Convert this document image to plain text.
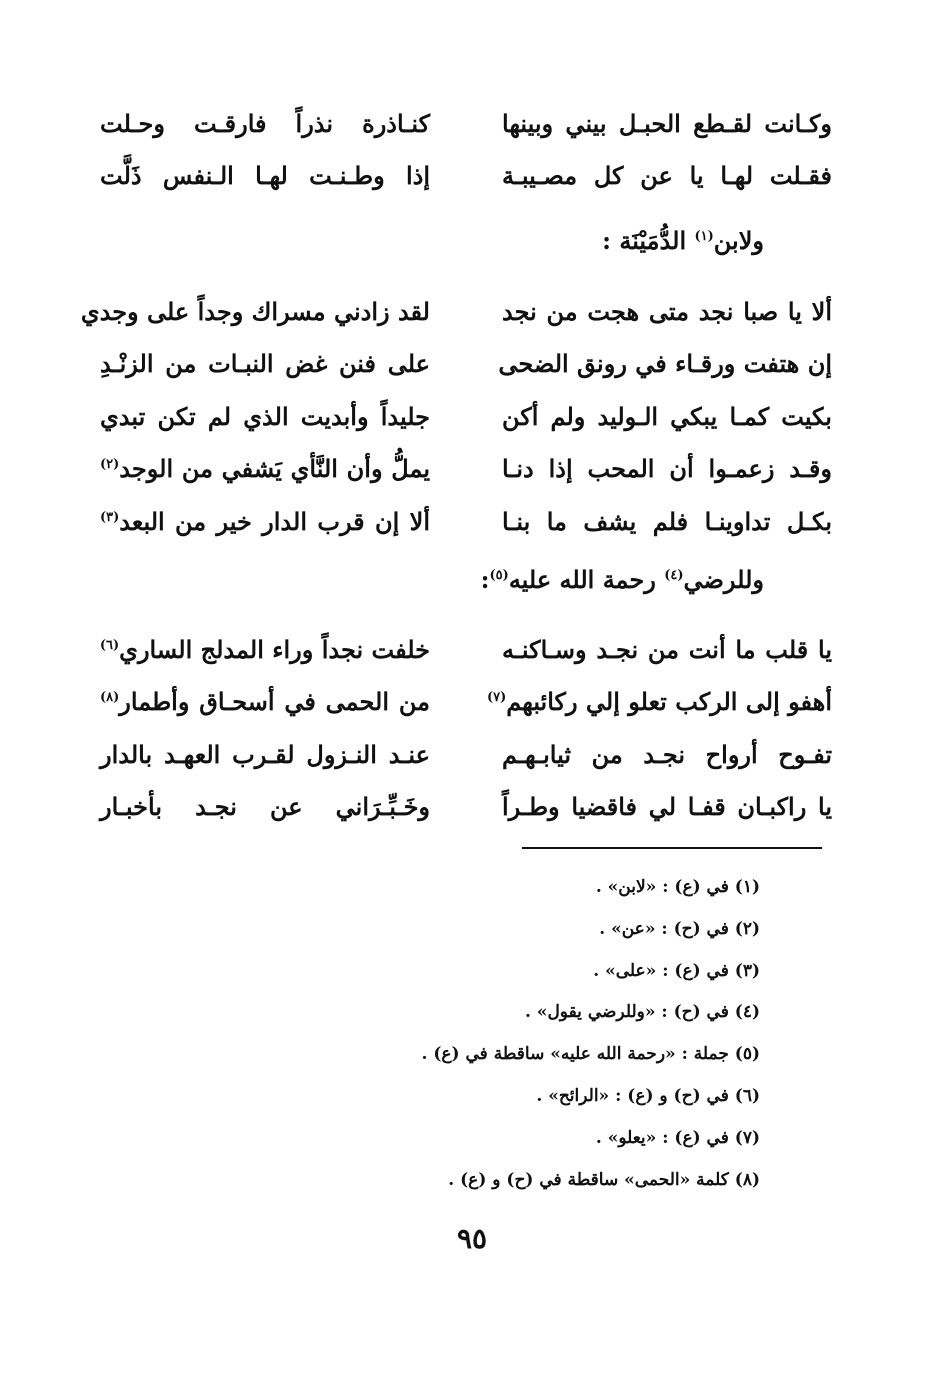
وكـانت لقـطع الحبـل بيني وبينها
كنـاذرة نذراً فارقـت وحـلت
فقـلت لهـا يا عن كل مصـيبـة
إذا وطـنـت لهـا الـنفس ذَلَّت
ولابن$^{(١)}$ الدُّمَيْنَة :
ألا يا صبا نجد متى هجت من نجد
لقد زادني مسراك وجداً على وجدي
إن هتفت ورقـاء في رونق الضحى
على فنن غض النبـات من الزنْـدِ
بكيت كمـا يبكي الـوليد ولم أكن
جليداً وأبديت الذي لم تكن تبدي
وقـد زعمـوا أن المحب إذا دنـا
يملُّ وأن النَّأي يَشفي من الوجد$^{(٢)}$
بكـل تداوينـا فلم يشف ما بنـا
ألا إن قرب الدار خير من البعد$^{(٣)}$
وللرضي$^{(٤)}$ رحمة الله عليه$^{(٥)}$:
يا قلب ما أنت من نجـد وسـاكنـه
خلفت نجداً وراء المدلج الساري$^{(٦)}$
أهفو إلى الركب تعلو إلي ركائبهم$^{(٧)}$
من الحمى في أسحـاق وأطمار$^{(٨)}$
تفـوح أرواح نجـد من ثيابـهـم
عنـد النـزول لقـرب العهـد بالدار
يا راكبـان قفـا لي فاقضيا وطـراً
وخَـبِّـرَاني عن نجـد بأخبـار
(١) في (ع) : «لابن» .
(٢) في (ح) : «عن» .
(٣) في (ع) : «على» .
(٤) في (ح) : «وللرضي يقول» .
(٥) جملة : «رحمة الله عليه» ساقطة في (ع) .
(٦) في (ح) و (ع) : «الرائح» .
(٧) في (ع) : «يعلو» .
(٨) كلمة «الحمى» ساقطة في (ح) و (ع) .
٩٥
